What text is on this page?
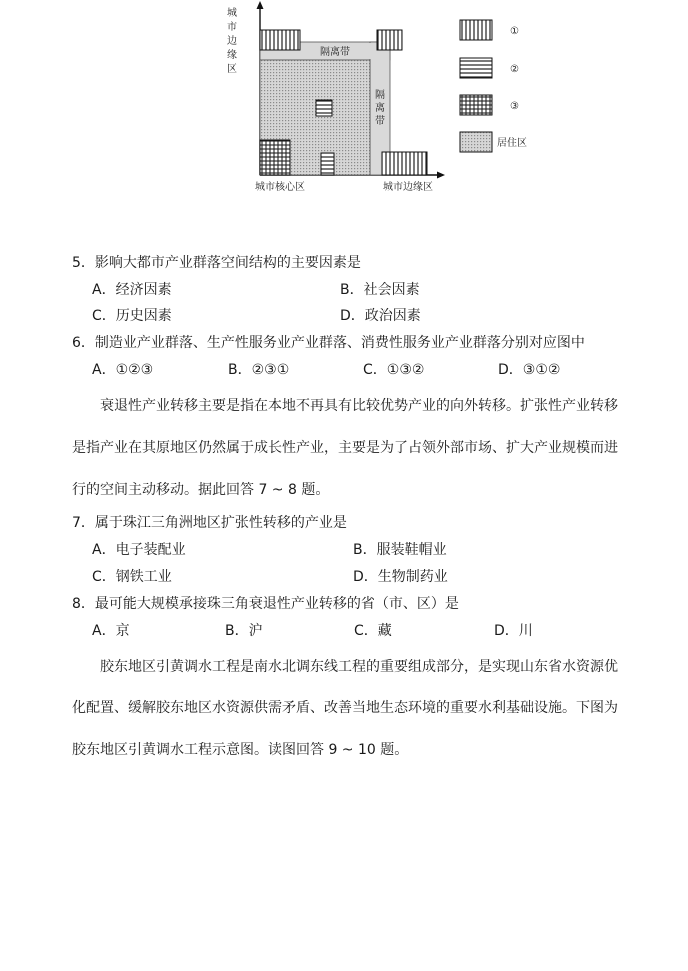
隔离带
隔
离
带
城
市
边
缘
区
城市核心区	城市边缘区
①
②
③
居住区
5．影响大都市产业群落空间结构的主要因素是
A．经济因素	B．社会因素
C．历史因素	D．政治因素
6．制造业产业群落、生产性服务业产业群落、消费性服务业产业群落分别对应图中
A．①②③	B．②③①	C．①③②	D．③①②
衰退性产业转移主要是指在本地不再具有比较优势产业的向外转移。扩张性产业转移
是指产业在其原地区仍然属于成长性产业，主要是为了占领外部市场、扩大产业规模而进
行的空间主动移动。据此回答 7 ~ 8 题。
7．属于珠江三角洲地区扩张性转移的产业是
A．电子装配业	B．服装鞋帽业
C．钢铁工业	D．生物制药业
8．最可能大规模承接珠三角衰退性产业转移的省（市、区）是
A．京	B．沪	C．藏	D．川
胶东地区引黄调水工程是南水北调东线工程的重要组成部分，是实现山东省水资源优
化配置、缓解胶东地区水资源供需矛盾、改善当地生态环境的重要水利基础设施。下图为
胶东地区引黄调水工程示意图。读图回答 9 ~ 10 题。
